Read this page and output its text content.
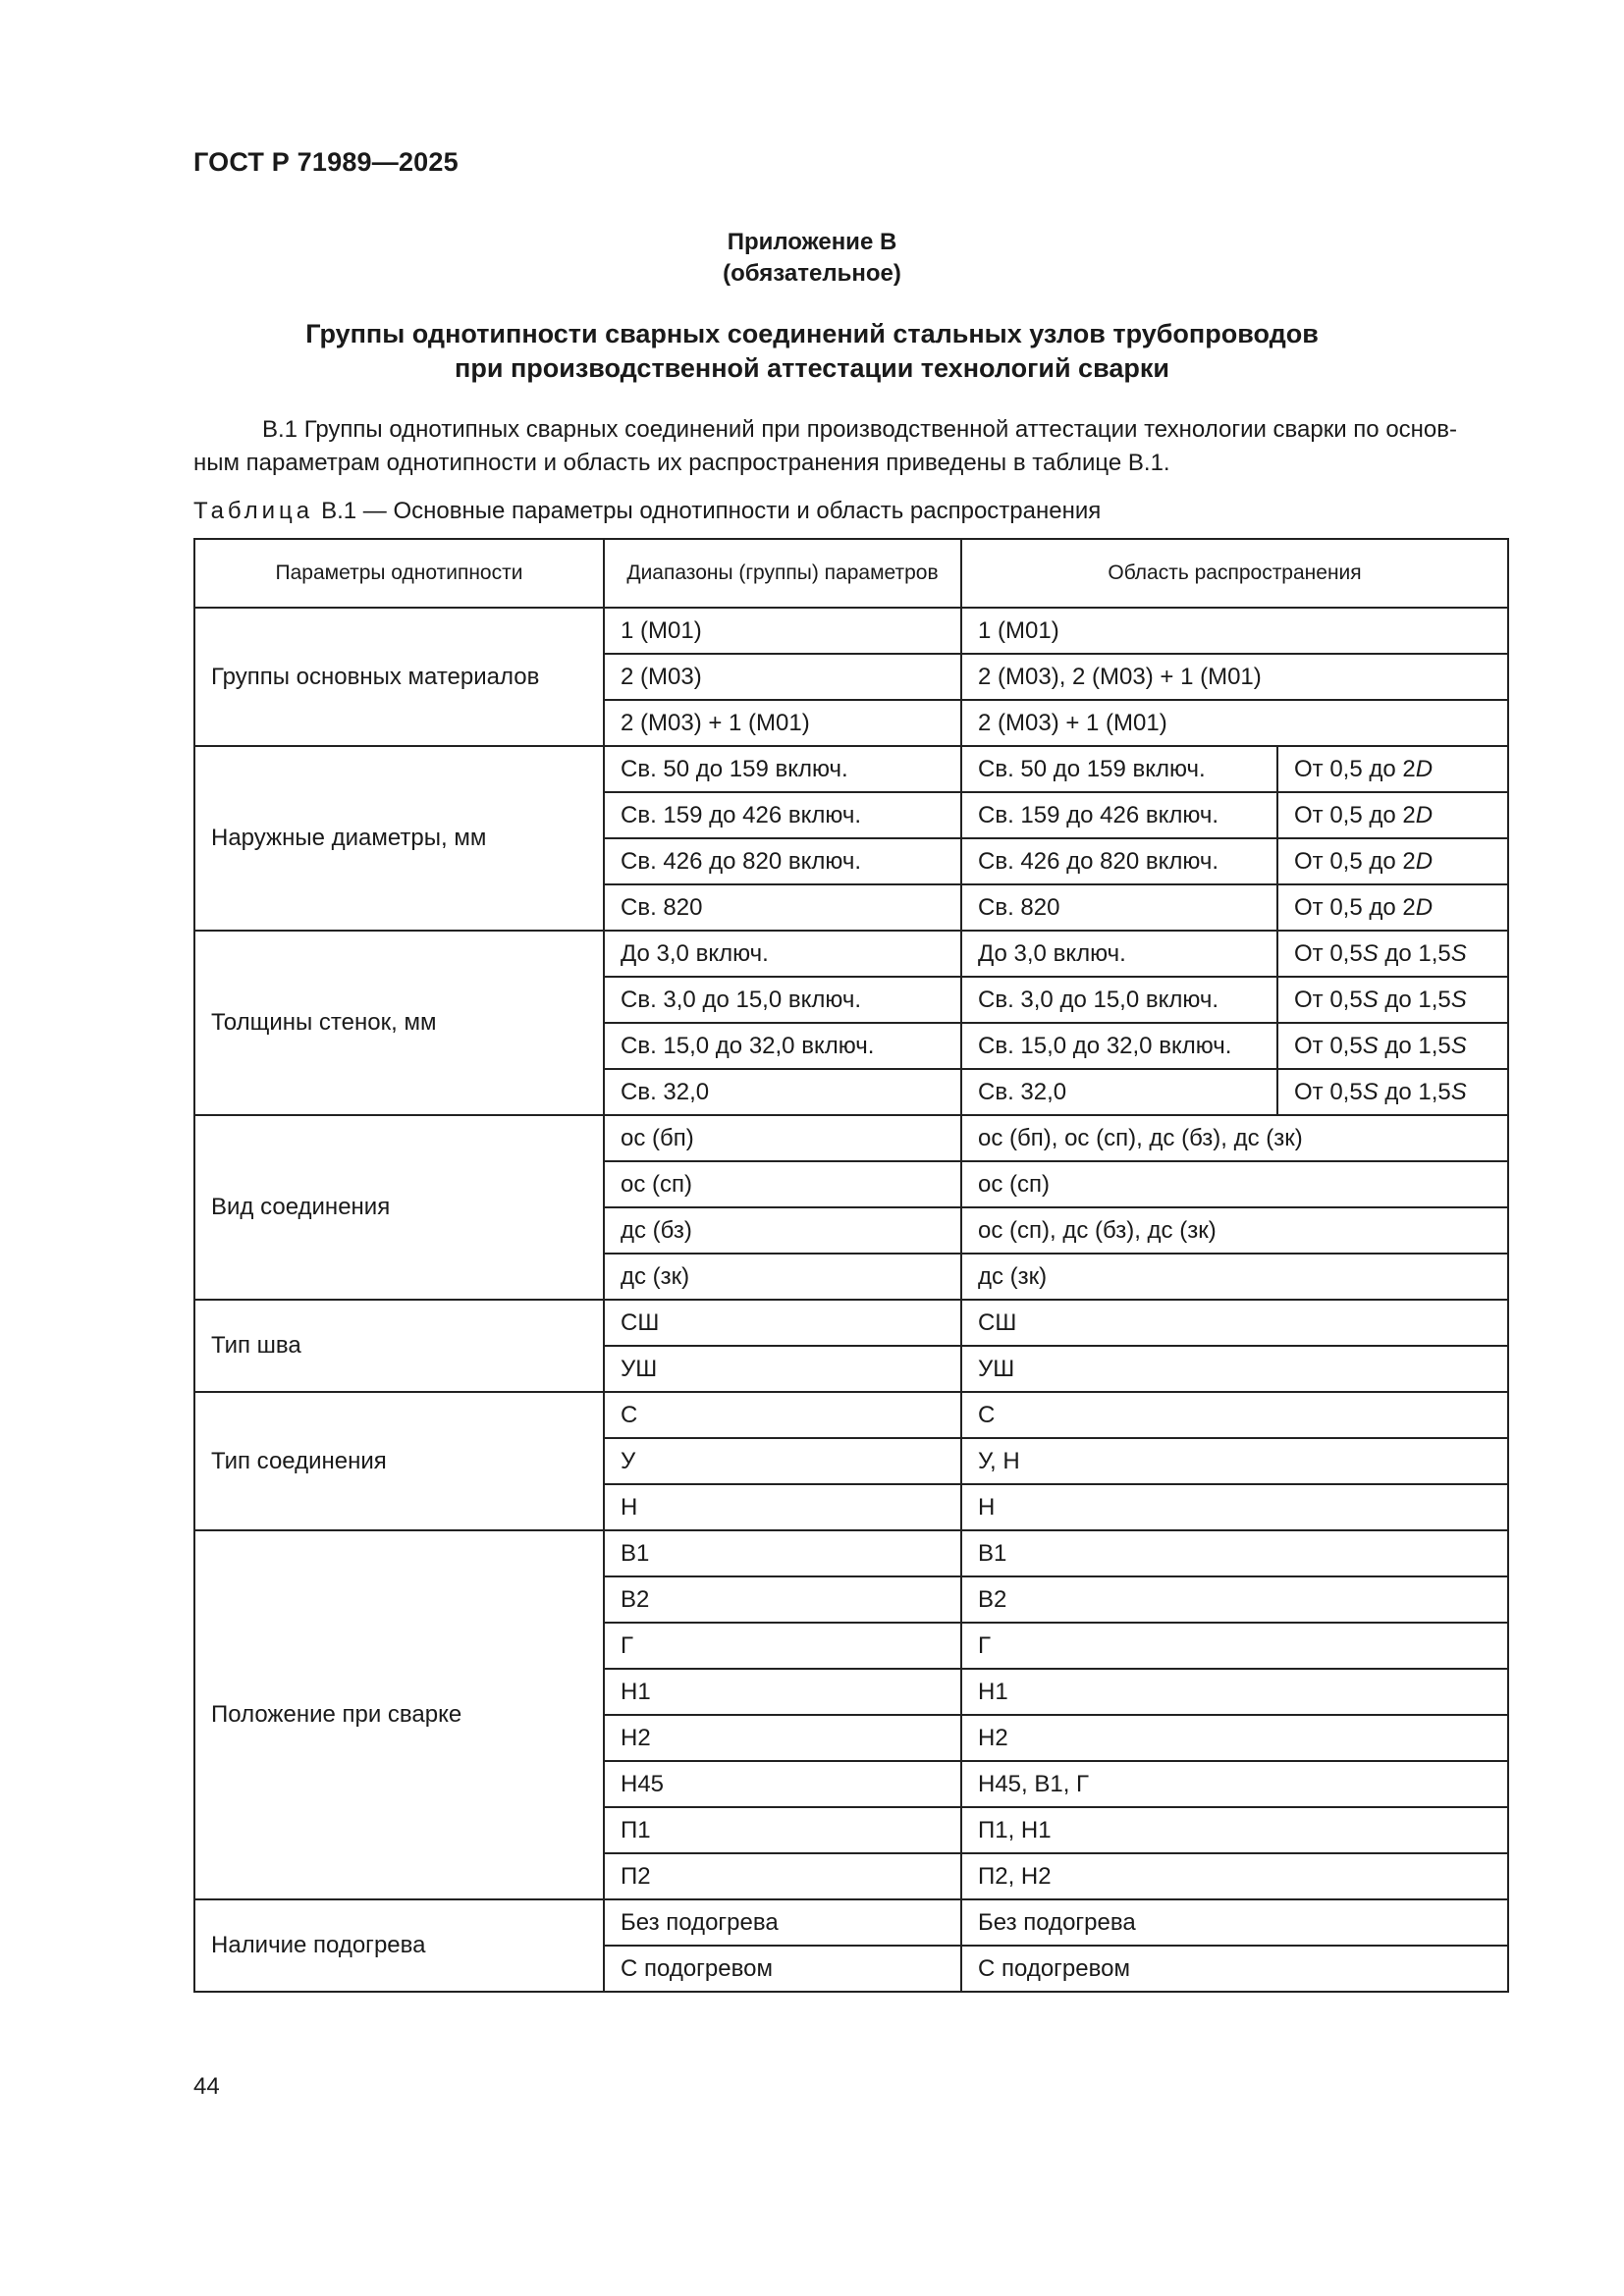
ГОСТ Р 71989—2025
Приложение В
(обязательное)
Группы однотипности сварных соединений стальных узлов трубопроводов
при производственной аттестации технологий сварки
В.1 Группы однотипных сварных соединений при производственной аттестации технологии сварки по основ-
ным параметрам однотипности и область их распространения приведены в таблице В.1.
Таблица В.1 — Основные параметры однотипности и область распространения
Параметры однотипности	Диапазоны (группы) параметров	Область распространения	
Группы основных материалов	1 (М01)	1 (М01)	
	2 (М03)	2 (М03), 2 (М03) + 1 (М01)	
	2 (М03) + 1 (М01)	2 (М03) + 1 (М01)	
Наружные диаметры, мм	Св. 50 до 159 включ.	Св. 50 до 159 включ.	От 0,5 до 2D
	Св. 159 до 426 включ.	Св. 159 до 426 включ.	От 0,5 до 2D
	Св. 426 до 820 включ.	Св. 426 до 820 включ.	От 0,5 до 2D
	Св. 820	Св. 820	От 0,5 до 2D
Толщины стенок, мм	До 3,0 включ.	До 3,0 включ.	От 0,5S до 1,5S
	Св. 3,0 до 15,0 включ.	Св. 3,0 до 15,0 включ.	От 0,5S до 1,5S
	Св. 15,0 до 32,0 включ.	Св. 15,0 до 32,0 включ.	От 0,5S до 1,5S
	Св. 32,0	Св. 32,0	От 0,5S до 1,5S
Вид соединения	ос (бп)	ос (бп), ос (сп), дс (бз), дс (зк)	
	ос (сп)	ос (сп)	
	дс (бз)	ос (сп), дс (бз), дс (зк)	
	дс (зк)	дс (зк)	
Тип шва	СШ	СШ	
	УШ	УШ	
Тип соединения	С	С	
	У	У, Н	
	Н	Н	
Положение при сварке	В1	В1	
	В2	В2	
	Г	Г	
	Н1	Н1	
	Н2	Н2	
	Н45	Н45, В1, Г	
	П1	П1, Н1	
	П2	П2, Н2	
Наличие подогрева	Без подогрева	Без подогрева	
	С подогревом	С подогревом	
44
